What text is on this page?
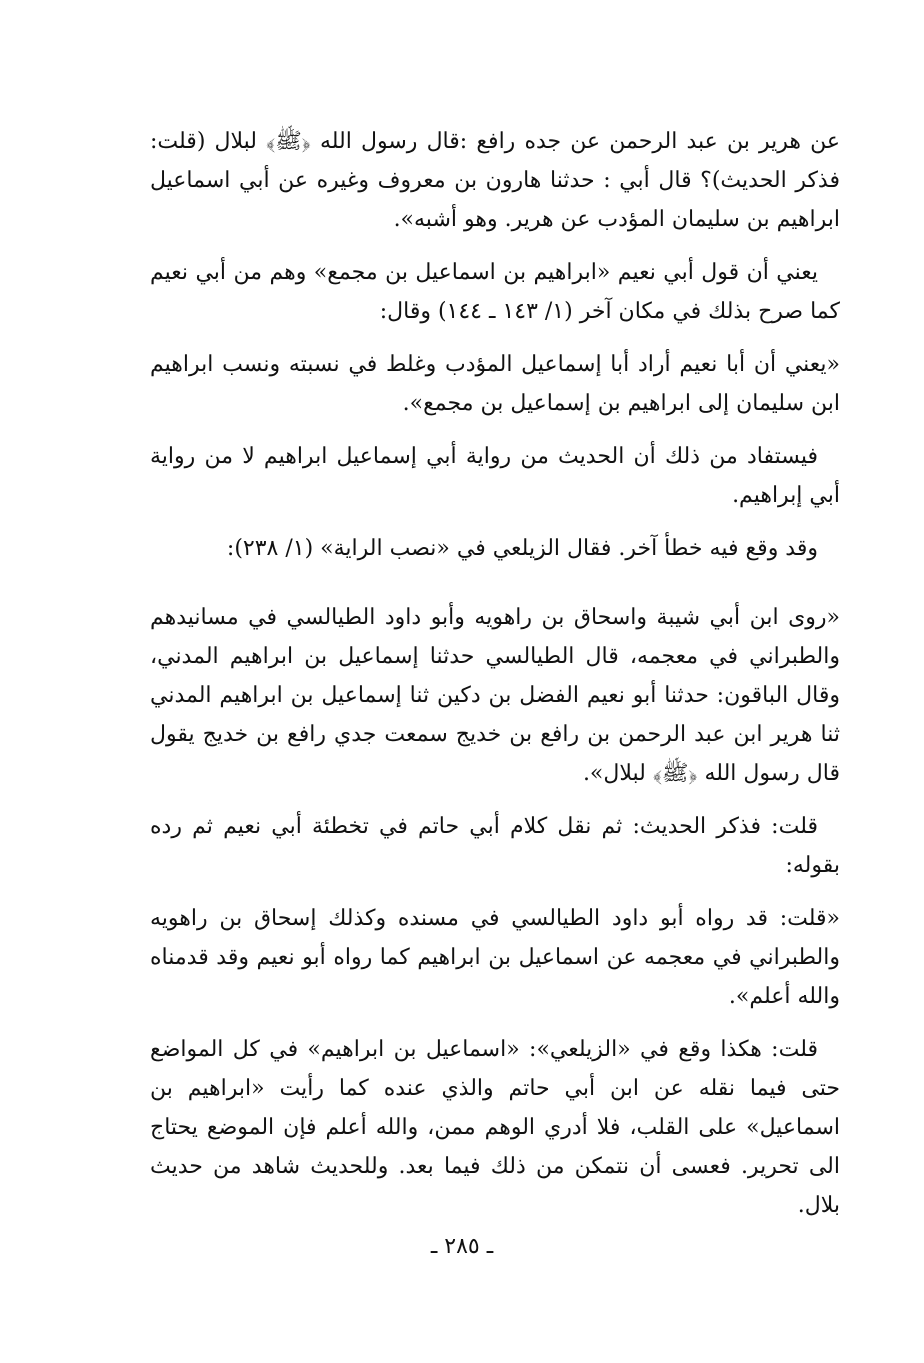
عن هرير بن عبد الرحمن عن جده رافع :قال رسول الله ﴿ﷺ﴾ لبلال (قلت: فذكر الحديث)؟ قال أبي : حدثنا هارون بن معروف وغيره عن أبي اسماعيل ابراهيم بن سليمان المؤدب عن هرير. وهو أشبه».

يعني أن قول أبي نعيم «ابراهيم بن اسماعيل بن مجمع» وهم من أبي نعيم كما صرح بذلك في مكان آخر (١/ ١٤٣ ـ ١٤٤) وقال:

«يعني أن أبا نعيم أراد أبا إسماعيل المؤدب وغلط في نسبته ونسب ابراهيم ابن سليمان إلى ابراهيم بن إسماعيل بن مجمع».

فيستفاد من ذلك أن الحديث من رواية أبي إسماعيل ابراهيم لا من رواية أبي إبراهيم.

وقد وقع فيه خطأ آخر. فقال الزيلعي في «نصب الراية» (١/ ٢٣٨):

«روى ابن أبي شيبة واسحاق بن راهويه وأبو داود الطيالسي في مسانيدهم والطبراني في معجمه، قال الطيالسي حدثنا إسماعيل بن ابراهيم المدني، وقال الباقون: حدثنا أبو نعيم الفضل بن دكين ثنا إسماعيل بن ابراهيم المدني ثنا هرير ابن عبد الرحمن بن رافع بن خديج سمعت جدي رافع بن خديج يقول قال رسول الله ﴿ﷺ﴾ لبلال».

قلت: فذكر الحديث: ثم نقل كلام أبي حاتم في تخطئة أبي نعيم ثم رده بقوله:

«قلت: قد رواه أبو داود الطيالسي في مسنده وكذلك إسحاق بن راهويه والطبراني في معجمه عن اسماعيل بن ابراهيم كما رواه أبو نعيم وقد قدمناه والله أعلم».

قلت: هكذا وقع في «الزيلعي»: «اسماعيل بن ابراهيم» في كل المواضع حتى فيما نقله عن ابن أبي حاتم والذي عنده كما رأيت «ابراهيم بن اسماعيل» على القلب، فلا أدري الوهم ممن، والله أعلم فإن الموضع يحتاج الى تحرير. فعسى أن نتمكن من ذلك فيما بعد. وللحديث شاهد من حديث بلال.

ـ ٢٨٥ ـ
